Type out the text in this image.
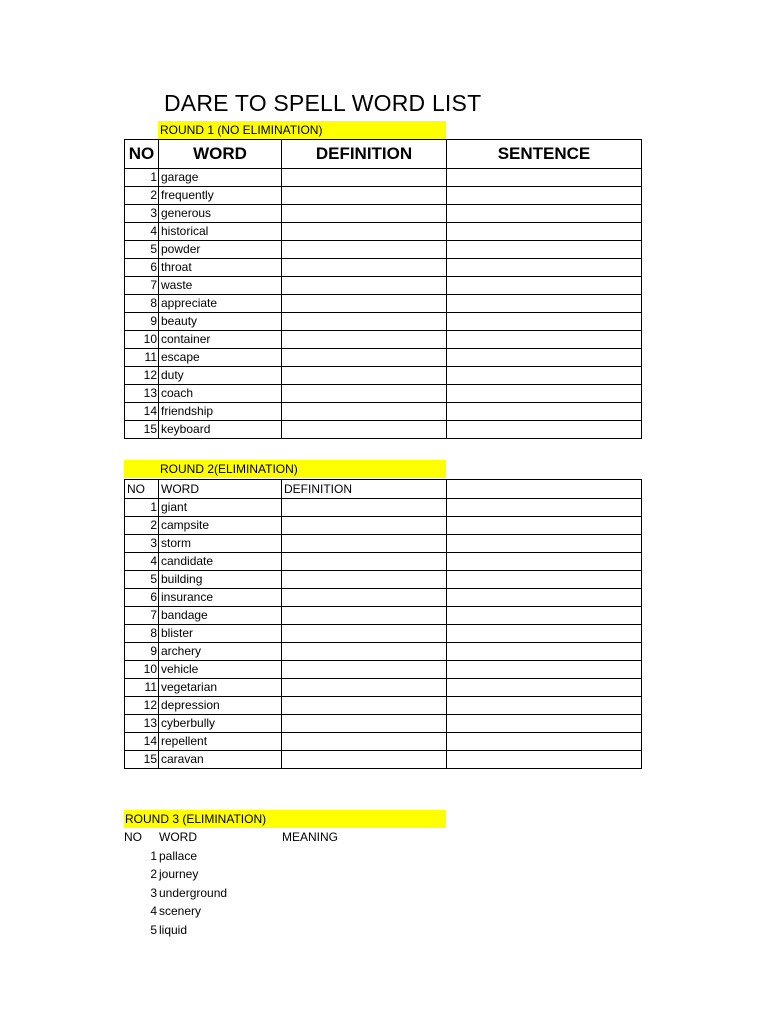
DARE TO SPELL WORD LIST
ROUND 1 (NO ELIMINATION)
NO	WORD	DEFINITION	SENTENCE
1	garage		
2	frequently		
3	generous		
4	historical		
5	powder		
6	throat		
7	waste		
8	appreciate		
9	beauty		
10	container		
11	escape		
12	duty		
13	coach		
14	friendship		
15	keyboard		
ROUND 2(ELIMINATION)
NO	WORD	DEFINITION	
1	giant		
2	campsite		
3	storm		
4	candidate		
5	building		
6	insurance		
7	bandage		
8	blister		
9	archery		
10	vehicle		
11	vegetarian		
12	depression		
13	cyberbully		
14	repellent		
15	caravan		
ROUND 3 (ELIMINATION)
NO	WORD	MEANING
1 pallace
2 journey
3 underground
4 scenery
5 liquid
